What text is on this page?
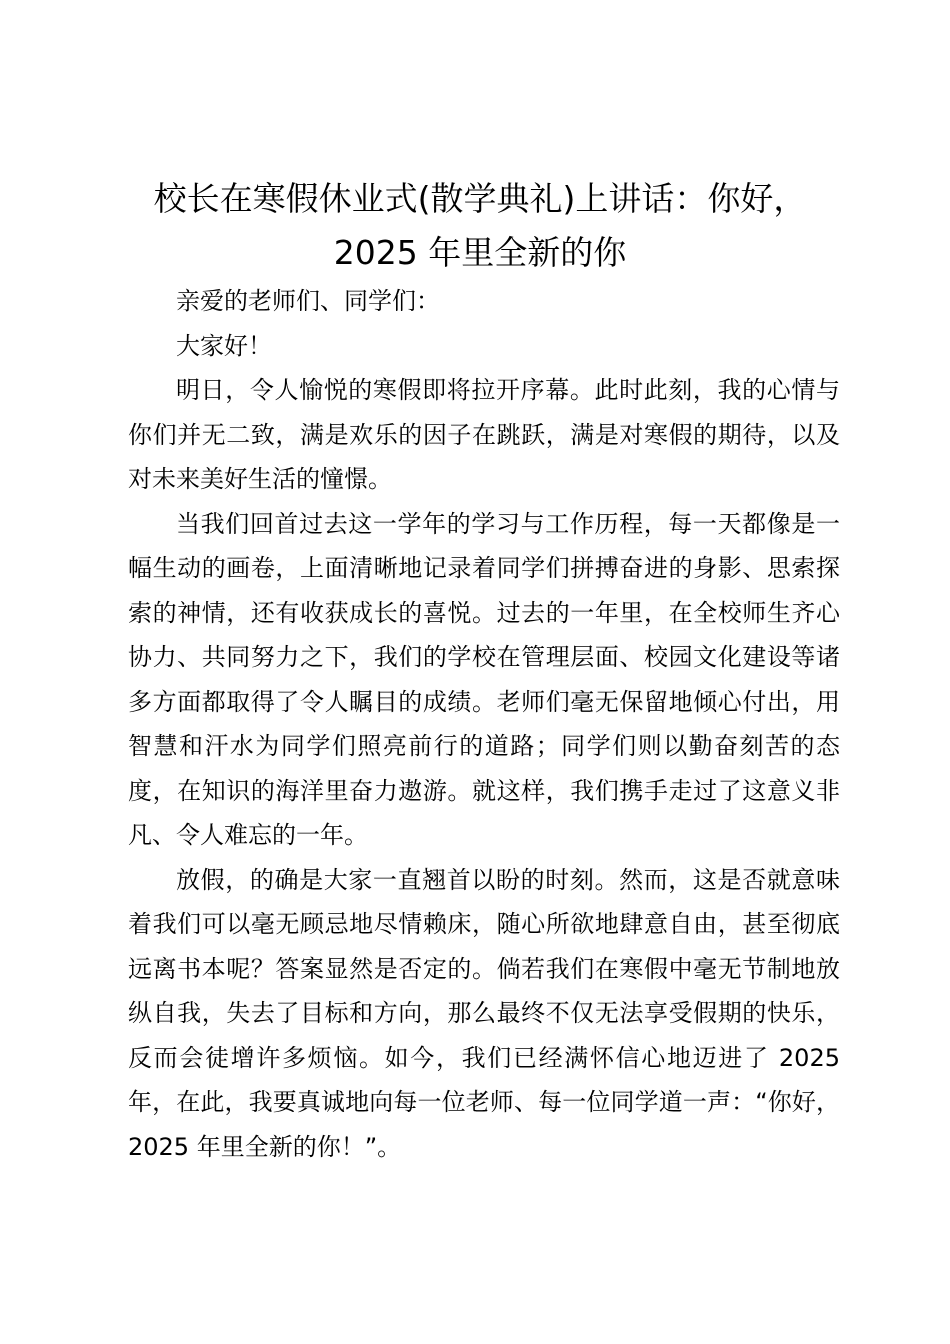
校长在寒假休业式(散学典礼)上讲话：你好，2025 年里全新的你

亲爱的老师们、同学们：

大家好！

明日，令人愉悦的寒假即将拉开序幕。此时此刻，我的心情与你们并无二致，满是欢乐的因子在跳跃，满是对寒假的期待，以及对未来美好生活的憧憬。

当我们回首过去这一学年的学习与工作历程，每一天都像是一幅生动的画卷，上面清晰地记录着同学们拼搏奋进的身影、思索探索的神情，还有收获成长的喜悦。过去的一年里，在全校师生齐心协力、共同努力之下，我们的学校在管理层面、校园文化建设等诸多方面都取得了令人瞩目的成绩。老师们毫无保留地倾心付出，用智慧和汗水为同学们照亮前行的道路；同学们则以勤奋刻苦的态度，在知识的海洋里奋力遨游。就这样，我们携手走过了这意义非凡、令人难忘的一年。

放假，的确是大家一直翘首以盼的时刻。然而，这是否就意味着我们可以毫无顾忌地尽情赖床，随心所欲地肆意自由，甚至彻底远离书本呢？答案显然是否定的。倘若我们在寒假中毫无节制地放纵自我，失去了目标和方向，那么最终不仅无法享受假期的快乐，反而会徒增许多烦恼。如今，我们已经满怀信心地迈进了 2025 年，在此，我要真诚地向每一位老师、每一位同学道一声：“你好，2025 年里全新的你！”。
